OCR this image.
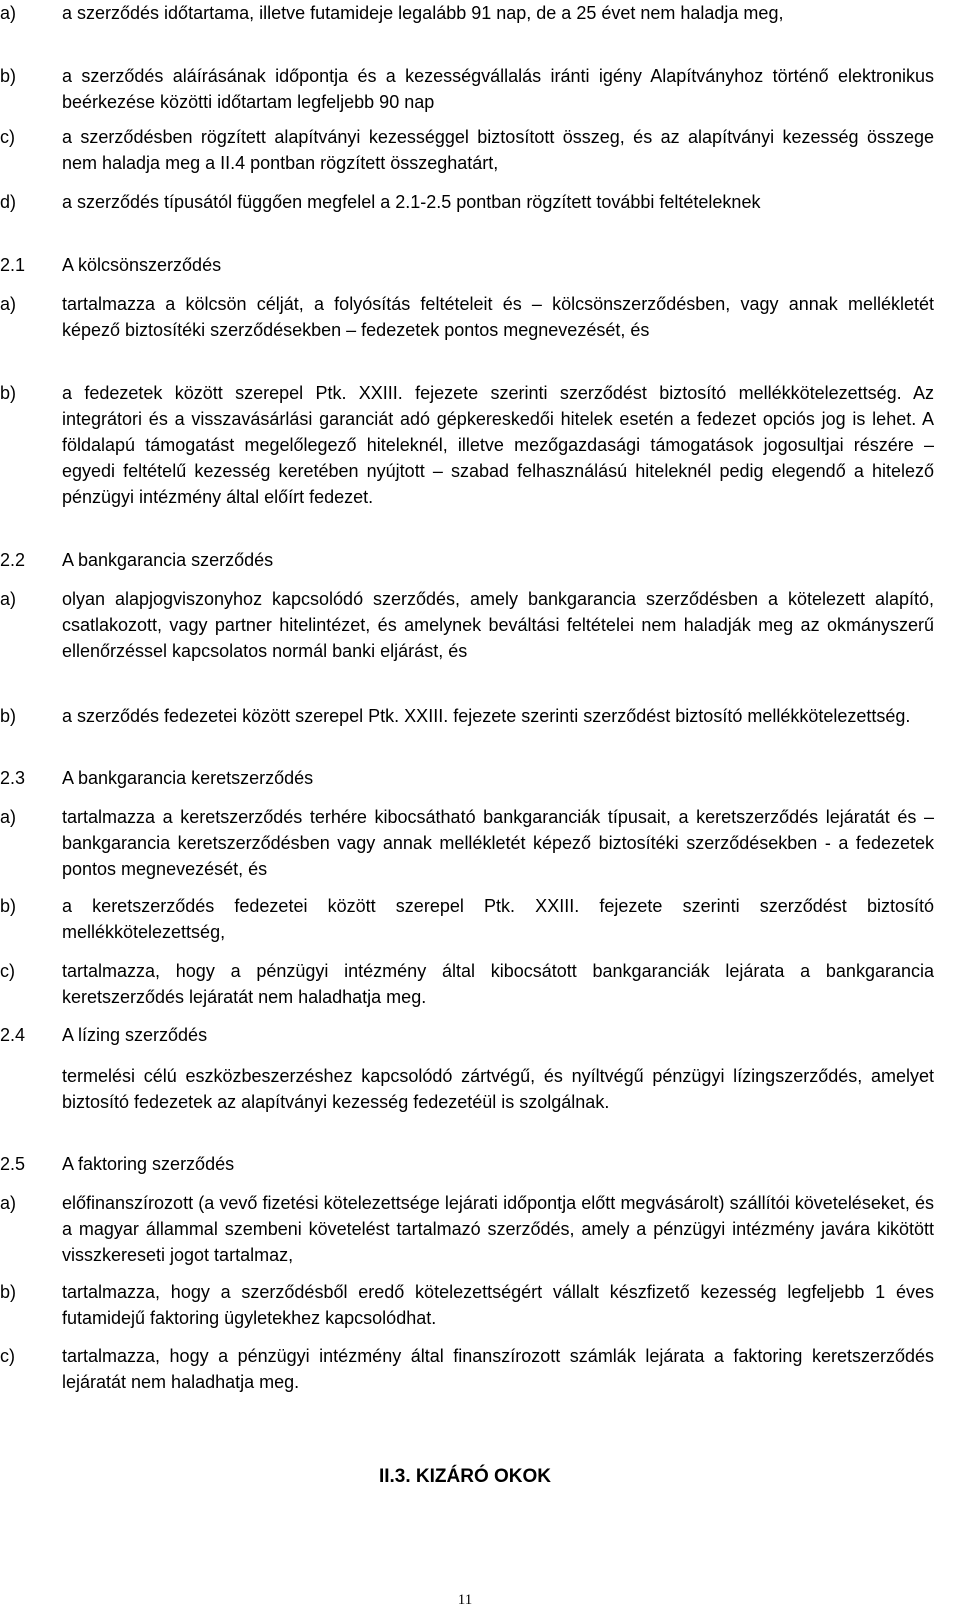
a)	a szerződés időtartama, illetve futamideje legalább 91 nap, de a 25 évet nem haladja meg,
b)	a szerződés aláírásának időpontja és a kezességvállalás iránti igény Alapítványhoz történő elektronikus beérkezése közötti időtartam legfeljebb 90 nap
c)	a szerződésben rögzített alapítványi kezességgel biztosított összeg, és az alapítványi kezesség összege nem haladja meg a II.4 pontban rögzített összeghatárt,
d)	a szerződés típusától függően megfelel a 2.1-2.5 pontban rögzített további feltételeknek
2.1	A kölcsönszerződés
a)	tartalmazza a kölcsön célját, a folyósítás feltételeit és – kölcsönszerződésben, vagy annak mellékletét képező biztosítéki szerződésekben – fedezetek pontos megnevezését, és
b)	a fedezetek között szerepel Ptk. XXIII. fejezete szerinti szerződést biztosító mellékkötelezettség. Az integrátori és a visszavásárlási garanciát adó gépkereskedői hitelek esetén a fedezet opciós jog is lehet. A földalapú támogatást megelőlegező hiteleknél, illetve mezőgazdasági támogatások jogosultjai részére – egyedi feltételű kezesség keretében nyújtott – szabad felhasználású hiteleknél pedig elegendő a hitelező pénzügyi intézmény által előírt fedezet.
2.2	A bankgarancia szerződés
a)	olyan alapjogviszonyhoz kapcsolódó szerződés, amely bankgarancia szerződésben a kötelezett alapító, csatlakozott, vagy partner hitelintézet, és amelynek beváltási feltételei nem haladják meg az okmányszerű ellenőrzéssel kapcsolatos normál banki eljárást, és
b)	a szerződés fedezetei között szerepel Ptk. XXIII. fejezete szerinti szerződést biztosító mellékkötelezettség.
2.3	A bankgarancia keretszerződés
a)	tartalmazza a keretszerződés terhére kibocsátható bankgaranciák típusait, a keretszerződés lejáratát és – bankgarancia keretszerződésben vagy annak mellékletét képező biztosítéki szerződésekben - a fedezetek pontos megnevezését, és
b)	a keretszerződés fedezetei között szerepel Ptk. XXIII. fejezete szerinti szerződést biztosító mellékkötelezettség,
c)	tartalmazza, hogy a pénzügyi intézmény által kibocsátott bankgaranciák lejárata a bankgarancia keretszerződés lejáratát nem haladhatja meg.
2.4	A lízing szerződés
termelési célú eszközbeszerzéshez kapcsolódó zártvégű, és nyíltvégű pénzügyi lízingszerződés, amelyet biztosító fedezetek az alapítványi kezesség fedezetéül is szolgálnak.
2.5	A faktoring szerződés
a)	előfinanszírozott (a vevő fizetési kötelezettsége lejárati időpontja előtt megvásárolt) szállítói követeléseket, és a magyar állammal szembeni követelést tartalmazó szerződés, amely a pénzügyi intézmény javára kikötött visszkereseti jogot tartalmaz,
b)	tartalmazza, hogy a szerződésből eredő kötelezettségért vállalt készfizető kezesség legfeljebb 1 éves futamidejű faktoring ügyletekhez kapcsolódhat.
c)	tartalmazza, hogy a pénzügyi intézmény által finanszírozott számlák lejárata a faktoring keretszerződés lejáratát nem haladhatja meg.
II.3. KIZÁRÓ OKOK
11
